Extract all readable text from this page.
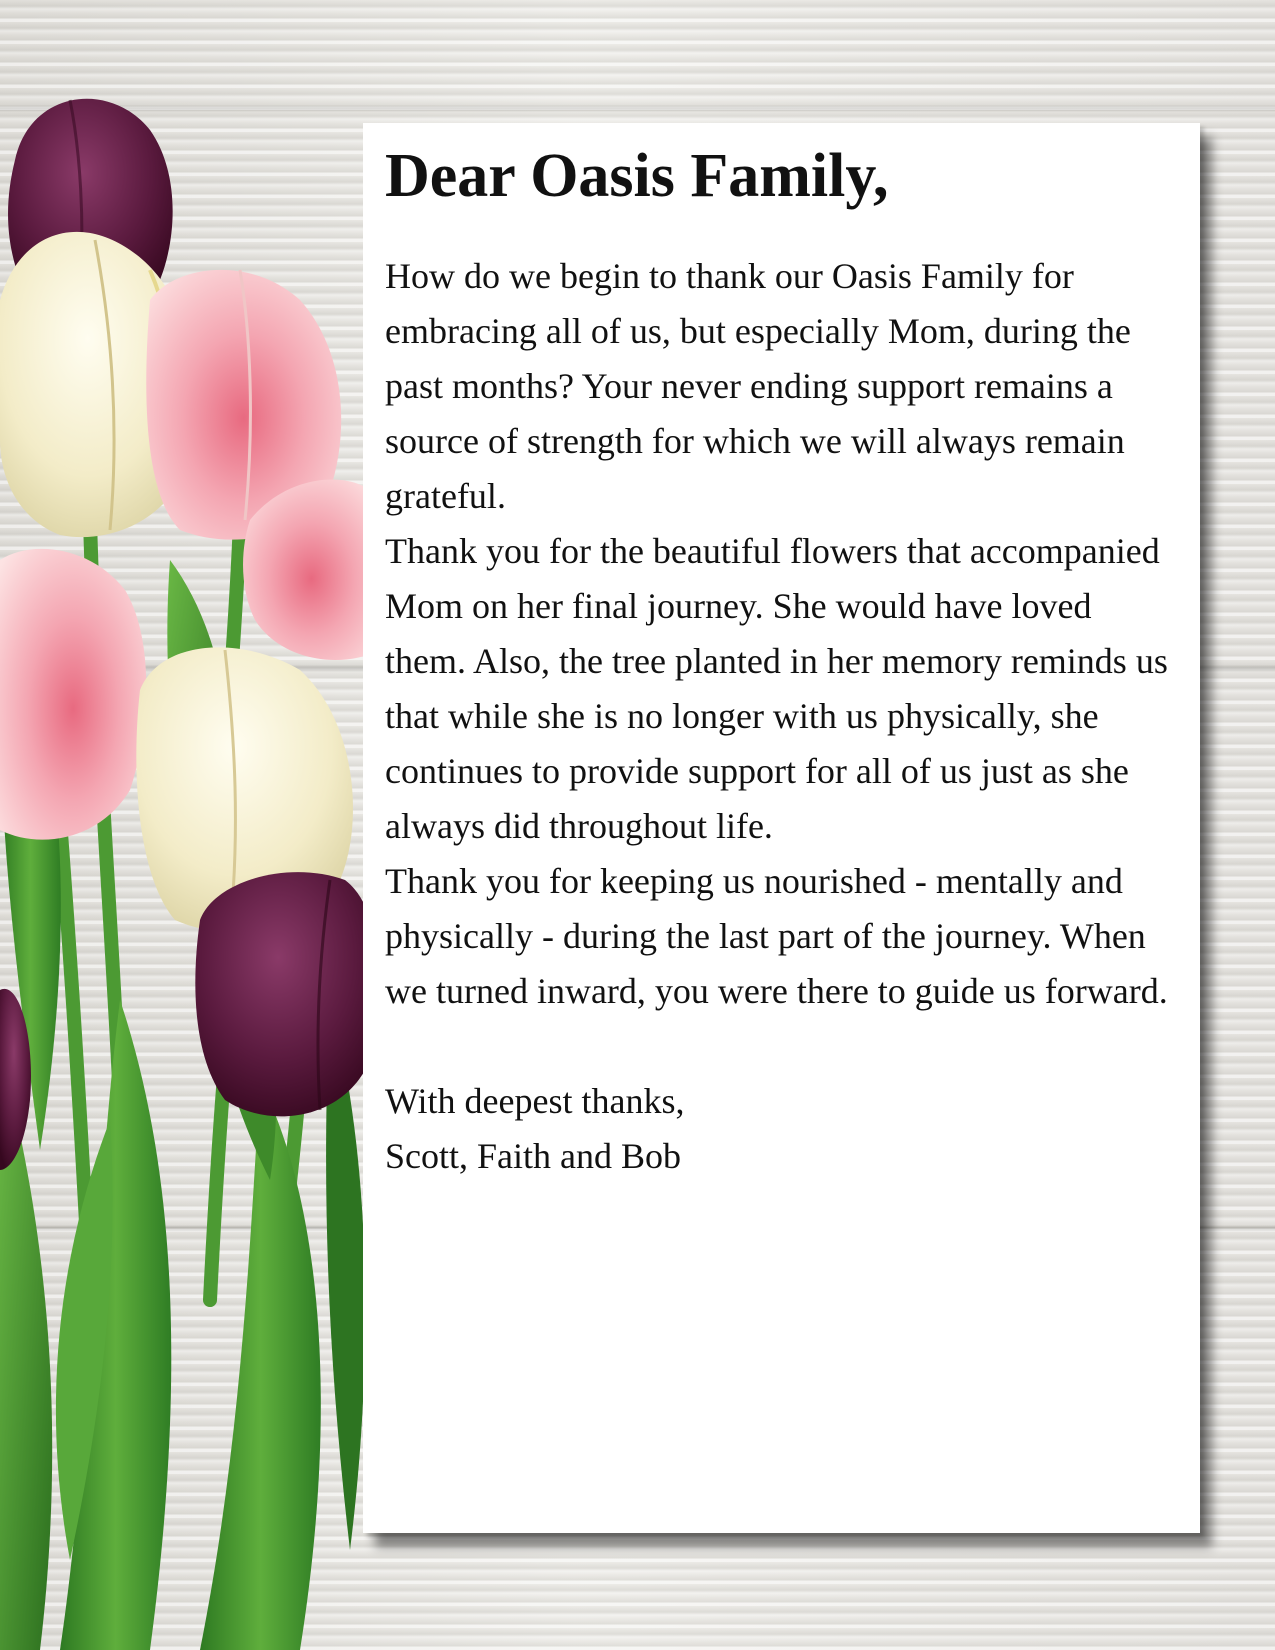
Dear Oasis Family,

How do we begin to thank our Oasis Family for embracing all of us, but especially Mom, during the past months? Your never ending support remains a source of strength for which we will always remain grateful.

Thank you for the beautiful flowers that accompanied Mom on her final journey. She would have loved them. Also, the tree planted in her memory reminds us that while she is no longer with us physically, she continues to provide support for all of us just as she always did throughout life.

Thank you for keeping us nourished - mentally and physically - during the last part of the journey. When we turned inward, you were there to guide us forward.

With deepest thanks,

Scott, Faith and Bob
